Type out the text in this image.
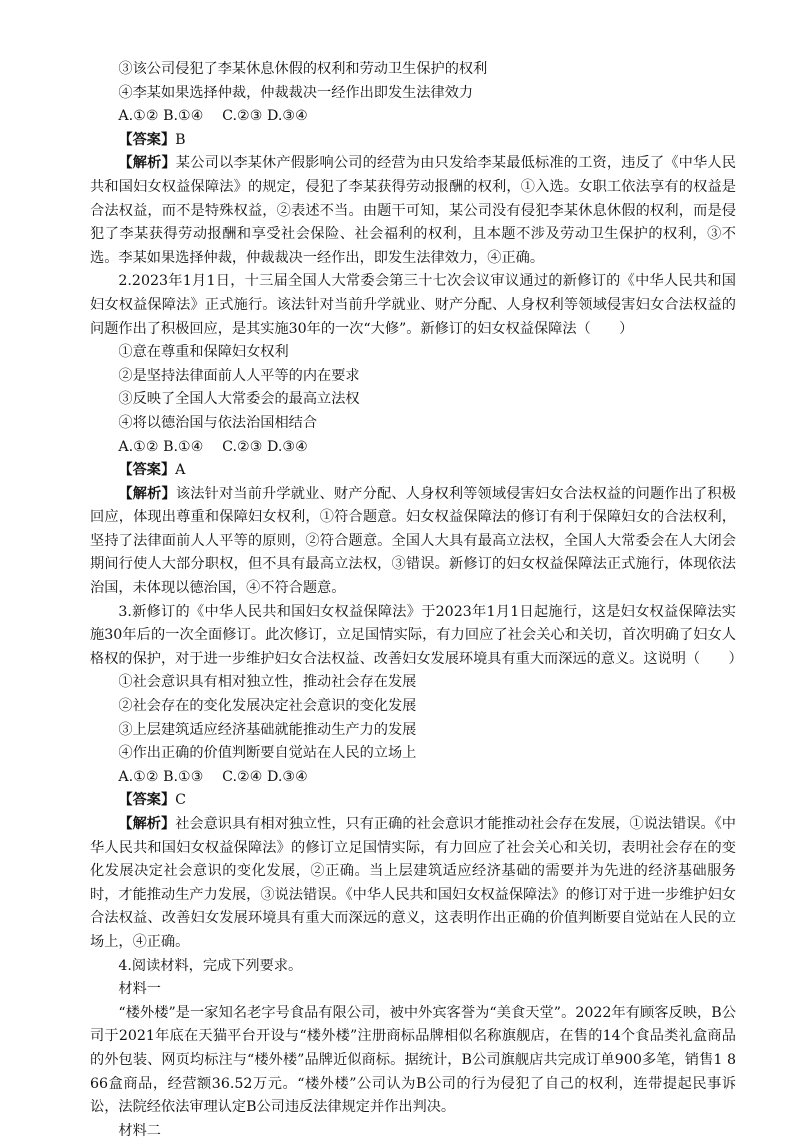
③该公司侵犯了李某休息休假的权利和劳动卫生保护的权利

④李某如果选择仲裁，仲裁裁决一经作出即发生法律效力

A.①② B.①④　 C.②③ D.③④

【答案】B

【解析】某公司以李某休产假影响公司的经营为由只发给李某最低标准的工资，违反了《中华人民共和国妇女权益保障法》的规定，侵犯了李某获得劳动报酬的权利，①入选。女职工依法享有的权益是合法权益，而不是特殊权益，②表述不当。由题干可知，某公司没有侵犯李某休息休假的权利，而是侵犯了李某获得劳动报酬和享受社会保险、社会福利的权利，且本题不涉及劳动卫生保护的权利，③不选。李某如果选择仲裁，仲裁裁决一经作出，即发生法律效力，④正确。

2.2023年1月1日，十三届全国人大常委会第三十七次会议审议通过的新修订的《中华人民共和国妇女权益保障法》正式施行。该法针对当前升学就业、财产分配、人身权利等领域侵害妇女合法权益的问题作出了积极回应，是其实施30年的一次“大修”。新修订的妇女权益保障法（　　）

①意在尊重和保障妇女权利

②是坚持法律面前人人平等的内在要求

③反映了全国人大常委会的最高立法权

④将以德治国与依法治国相结合

A.①② B.①④　 C.②③ D.③④

【答案】A

【解析】该法针对当前升学就业、财产分配、人身权利等领域侵害妇女合法权益的问题作出了积极回应，体现出尊重和保障妇女权利，①符合题意。妇女权益保障法的修订有利于保障妇女的合法权利，坚持了法律面前人人平等的原则，②符合题意。全国人大具有最高立法权，全国人大常委会在人大闭会期间行使人大部分职权，但不具有最高立法权，③错误。新修订的妇女权益保障法正式施行，体现依法治国，未体现以德治国，④不符合题意。

3.新修订的《中华人民共和国妇女权益保障法》于2023年1月1日起施行，这是妇女权益保障法实施30年后的一次全面修订。此次修订，立足国情实际，有力回应了社会关心和关切，首次明确了妇女人格权的保护，对于进一步维护妇女合法权益、改善妇女发展环境具有重大而深远的意义。这说明（　　）

①社会意识具有相对独立性，推动社会存在发展

②社会存在的变化发展决定社会意识的变化发展

③上层建筑适应经济基础就能推动生产力的发展

④作出正确的价值判断要自觉站在人民的立场上

A.①② B.①③　 C.②④ D.③④

【答案】C

【解析】社会意识具有相对独立性，只有正确的社会意识才能推动社会存在发展，①说法错误。《中华人民共和国妇女权益保障法》的修订立足国情实际，有力回应了社会关心和关切，表明社会存在的变化发展决定社会意识的变化发展，②正确。当上层建筑适应经济基础的需要并为先进的经济基础服务时，才能推动生产力发展，③说法错误。《中华人民共和国妇女权益保障法》的修订对于进一步维护妇女合法权益、改善妇女发展环境具有重大而深远的意义，这表明作出正确的价值判断要自觉站在人民的立场上，④正确。

4.阅读材料，完成下列要求。

材料一

“楼外楼”是一家知名老字号食品有限公司，被中外宾客誉为“美食天堂”。2022年有顾客反映，B公司于2021年底在天猫平台开设与“楼外楼”注册商标品牌相似名称旗舰店，在售的14个食品类礼盒商品的外包装、网页均标注与“楼外楼”品牌近似商标。据统计，B公司旗舰店共完成订单900多笔，销售1 866盒商品，经营额36.52万元。“楼外楼”公司认为B公司的行为侵犯了自己的权利，连带提起民事诉讼，法院经依法审理认定B公司违反法律规定并作出判决。

材料二
